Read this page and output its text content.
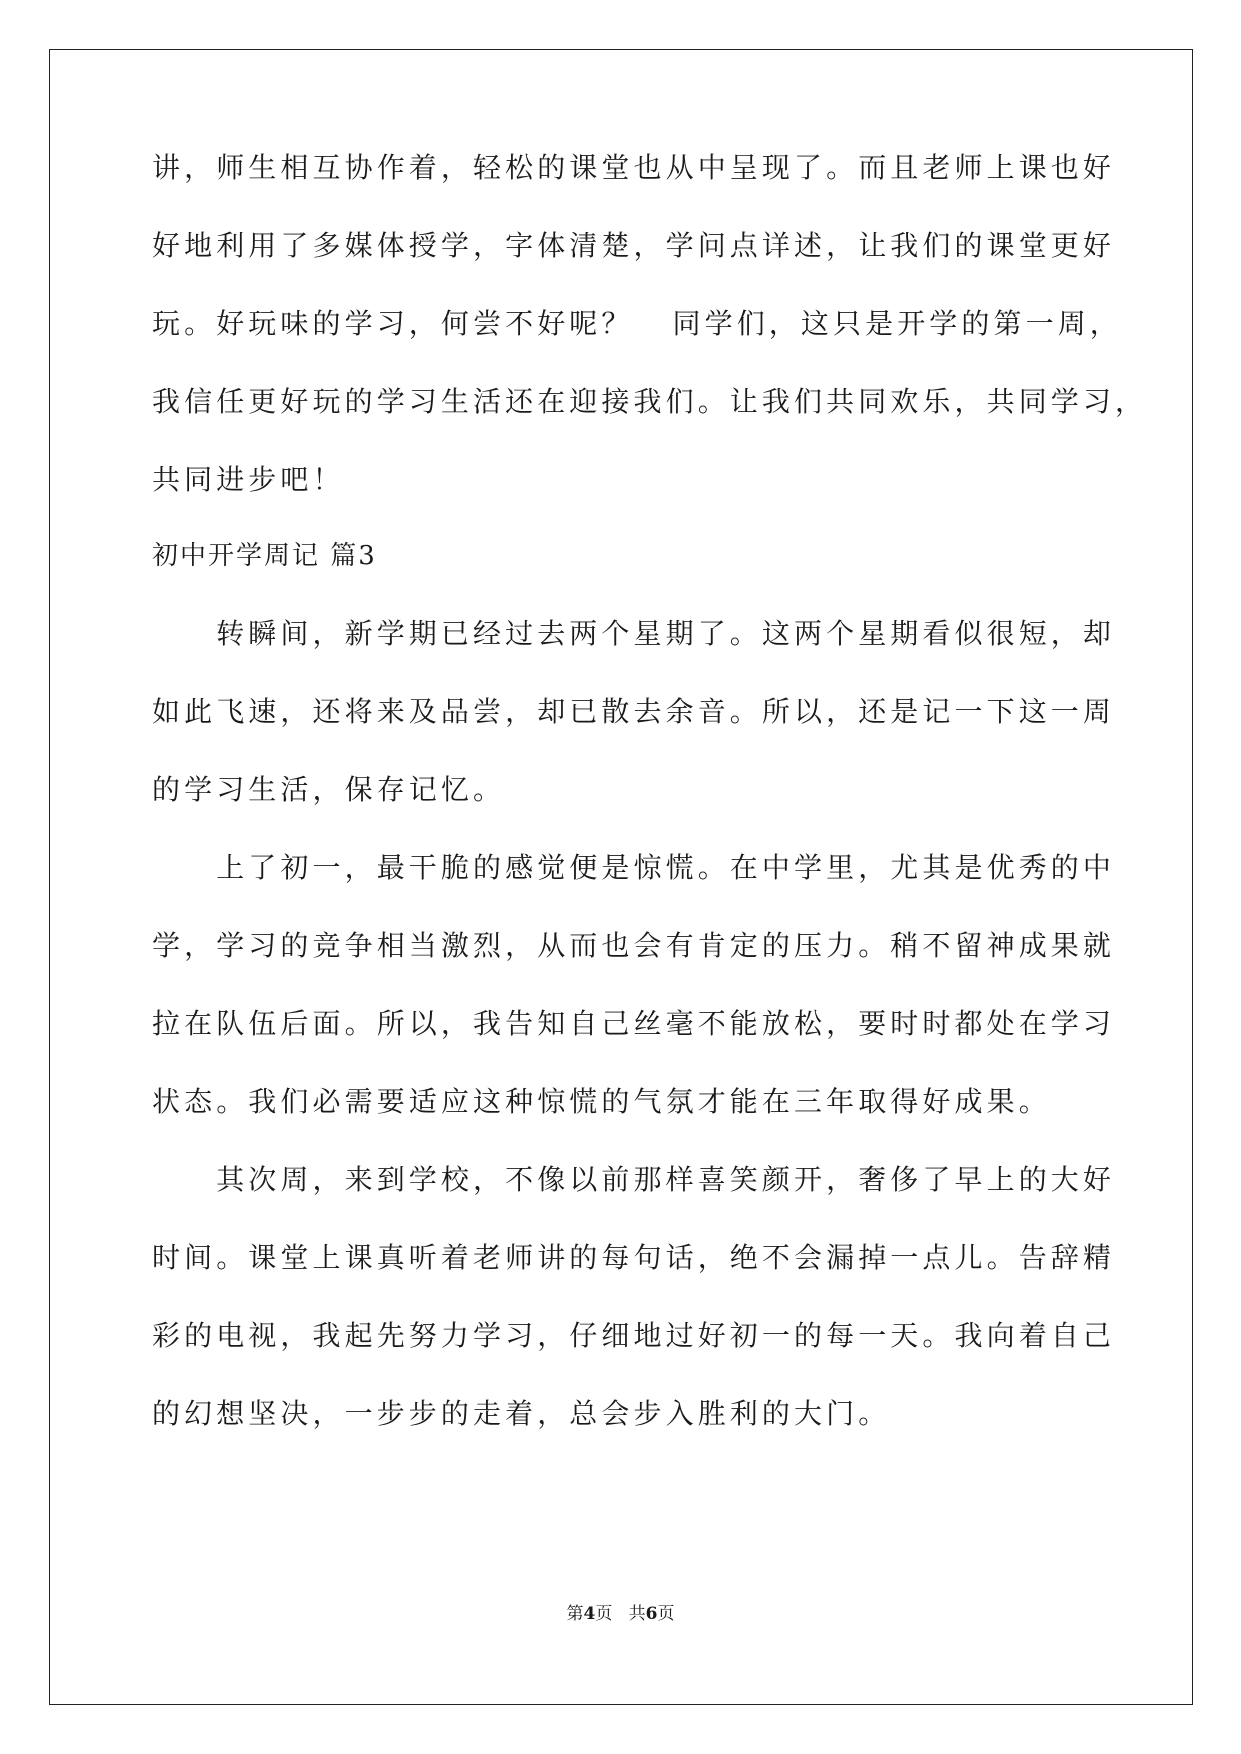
讲，师生相互协作着，轻松的课堂也从中呈现了。而且老师上课也好
好地利用了多媒体授学，字体清楚，学问点详述，让我们的课堂更好
玩。好玩味的学习，何尝不好呢？   同学们，这只是开学的第一周，
我信任更好玩的学习生活还在迎接我们。让我们共同欢乐，共同学习，
共同进步吧！
初中开学周记 篇3
　　转瞬间，新学期已经过去两个星期了。这两个星期看似很短，却
如此飞速，还将来及品尝，却已散去余音。所以，还是记一下这一周
的学习生活，保存记忆。
　　上了初一，最干脆的感觉便是惊慌。在中学里，尤其是优秀的中
学，学习的竞争相当激烈，从而也会有肯定的压力。稍不留神成果就
拉在队伍后面。所以，我告知自己丝毫不能放松，要时时都处在学习
状态。我们必需要适应这种惊慌的气氛才能在三年取得好成果。
　　其次周，来到学校，不像以前那样喜笑颜开，奢侈了早上的大好
时间。课堂上课真听着老师讲的每句话，绝不会漏掉一点儿。告辞精
彩的电视，我起先努力学习，仔细地过好初一的每一天。我向着自己
的幻想坚决，一步步的走着，总会步入胜利的大门。
第4页   共6页
